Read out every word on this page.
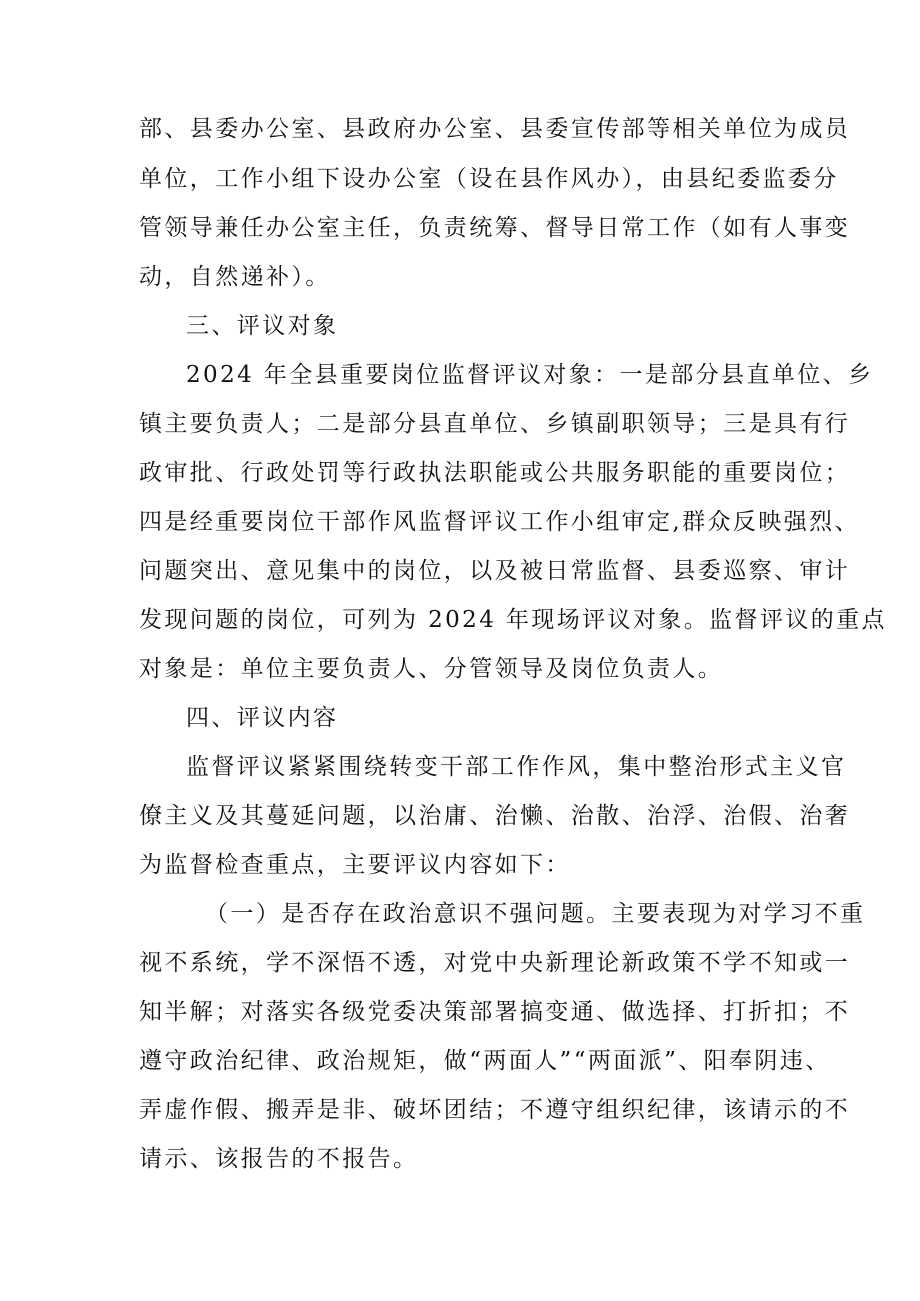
部、县委办公室、县政府办公室、县委宣传部等相关单位为成员
单位，工作小组下设办公室（设在县作风办），由县纪委监委分
管领导兼任办公室主任，负责统筹、督导日常工作（如有人事变
动，自然递补）。
三、评议对象
2024 年全县重要岗位监督评议对象：一是部分县直单位、乡
镇主要负责人；二是部分县直单位、乡镇副职领导；三是具有行
政审批、行政处罚等行政执法职能或公共服务职能的重要岗位；
四是经重要岗位干部作风监督评议工作小组审定,群众反映强烈、
问题突出、意见集中的岗位，以及被日常监督、县委巡察、审计
发现问题的岗位，可列为 2024 年现场评议对象。监督评议的重点
对象是：单位主要负责人、分管领导及岗位负责人。
四、评议内容
监督评议紧紧围绕转变干部工作作风，集中整治形式主义官
僚主义及其蔓延问题，以治庸、治懒、治散、治浮、治假、治奢
为监督检查重点，主要评议内容如下：
（一）是否存在政治意识不强问题。主要表现为对学习不重
视不系统，学不深悟不透，对党中央新理论新政策不学不知或一
知半解；对落实各级党委决策部署搞变通、做选择、打折扣；不
遵守政治纪律、政治规矩，做“两面人”“两面派”、阳奉阴违、
弄虚作假、搬弄是非、破坏团结；不遵守组织纪律，该请示的不
请示、该报告的不报告。
